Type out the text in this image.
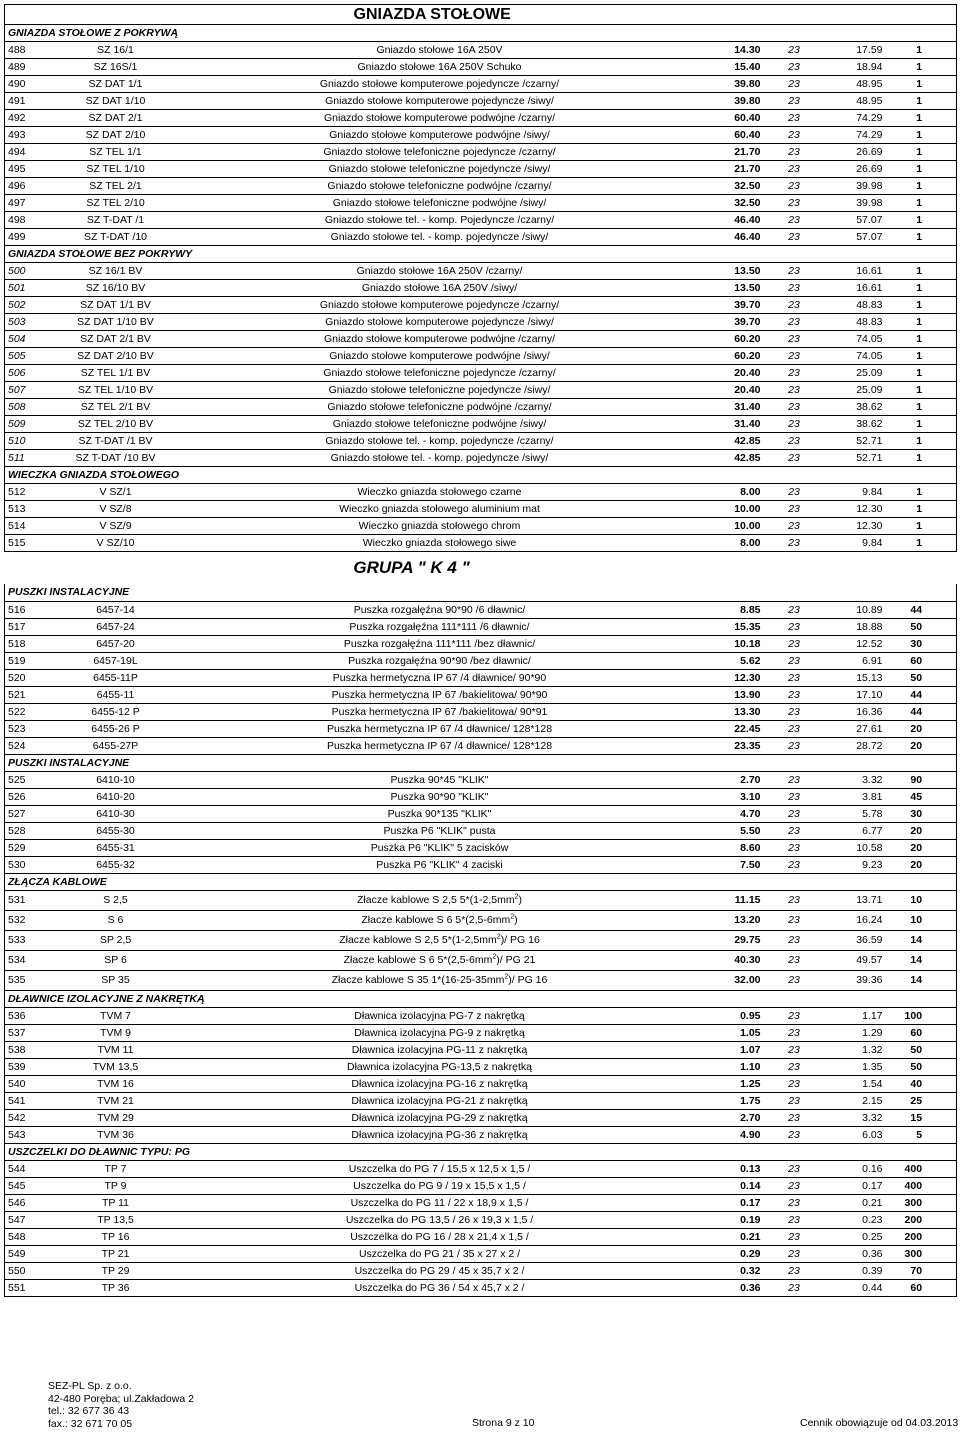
		GNIAZDA STOŁOWE				
GNIAZDA STOŁOWE Z POKRYWĄ						
488	SZ 16/1	Gniazdo stołowe 16A 250V	14.30	23	17.59	1
489	SZ 16S/1	Gniazdo stołowe 16A 250V Schuko	15.40	23	18.94	1
490	SZ DAT 1/1	Gniazdo stołowe komputerowe pojedyncze /czarny/	39.80	23	48.95	1
491	SZ DAT 1/10	Gniazdo stołowe komputerowe pojedyncze /siwy/	39.80	23	48.95	1
492	SZ DAT 2/1	Gniazdo stołowe komputerowe podwójne /czarny/	60.40	23	74.29	1
493	SZ DAT 2/10	Gniazdo stołowe komputerowe podwójne /siwy/	60.40	23	74.29	1
494	SZ TEL 1/1	Gniazdo stołowe telefoniczne pojedyncze /czarny/	21.70	23	26.69	1
495	SZ TEL 1/10	Gniazdo stołowe telefoniczne pojedyncze /siwy/	21.70	23	26.69	1
496	SZ TEL 2/1	Gniazdo stołowe telefoniczne podwójne /czarny/	32.50	23	39.98	1
497	SZ TEL 2/10	Gniazdo stołowe telefoniczne podwójne /siwy/	32.50	23	39.98	1
498	SZ T-DAT /1	Gniazdo stołowe tel. - komp. Pojedyncze /czarny/	46.40	23	57.07	1
499	SZ T-DAT /10	Gniazdo stołowe tel. - komp. pojedyncze /siwy/	46.40	23	57.07	1
GNIAZDA STOŁOWE BEZ POKRYWY						
500	SZ 16/1 BV	Gniazdo stołowe 16A 250V /czarny/	13.50	23	16.61	1
501	SZ 16/10 BV	Gniazdo stołowe 16A 250V /siwy/	13.50	23	16.61	1
502	SZ DAT 1/1 BV	Gniazdo stołowe komputerowe pojedyncze /czarny/	39.70	23	48.83	1
503	SZ DAT 1/10 BV	Gniazdo stołowe komputerowe pojedyncze /siwy/	39.70	23	48.83	1
504	SZ DAT 2/1 BV	Gniazdo stołowe komputerowe podwójne /czarny/	60.20	23	74.05	1
505	SZ DAT 2/10 BV	Gniazdo stołowe komputerowe podwójne /siwy/	60.20	23	74.05	1
506	SZ TEL 1/1 BV	Gniazdo stołowe telefoniczne pojedyncze /czarny/	20.40	23	25.09	1
507	SZ TEL 1/10 BV	Gniazdo stołowe telefoniczne pojedyncze /siwy/	20.40	23	25.09	1
508	SZ TEL 2/1 BV	Gniazdo stołowe telefoniczne podwójne /czarny/	31.40	23	38.62	1
509	SZ TEL 2/10 BV	Gniazdo stołowe telefoniczne podwójne /siwy/	31.40	23	38.62	1
510	SZ T-DAT /1 BV	Gniazdo stołowe tel. - komp. pojedyncze /czarny/	42.85	23	52.71	1
511	SZ T-DAT /10 BV	Gniazdo stołowe tel. - komp. pojedyncze /siwy/	42.85	23	52.71	1
WIECZKA GNIAZDA STOŁOWEGO						
512	V SZ/1	Wieczko gniazda stołowego czarne	8.00	23	9.84	1
513	V SZ/8	Wieczko gniazda stołowego aluminium mat	10.00	23	12.30	1
514	V SZ/9	Wieczko gniazda stołowego chrom	10.00	23	12.30	1
515	V SZ/10	Wieczko gniazda stołowego siwe	8.00	23	9.84	1
GRUPA " K 4 "						
PUSZKI INSTALACYJNE						
516	6457-14	Puszka rozgałęźna 90*90 /6 dławnic/	8.85	23	10.89	44
517	6457-24	Puszka rozgałęźna 111*111 /6 dławnic/	15.35	23	18.88	50
518	6457-20	Puszka rozgałęźna 111*111 /bez dławnic/	10.18	23	12.52	30
519	6457-19L	Puszka rozgałęźna 90*90 /bez dławnic/	5.62	23	6.91	60
520	6455-11P	Puszka hermetyczna IP 67 /4 dławnice/ 90*90	12.30	23	15.13	50
521	6455-11	Puszka hermetyczna IP 67 /bakielitowa/ 90*90	13.90	23	17.10	44
522	6455-12 P	Puszka hermetyczna IP 67 /bakielitowa/ 90*91	13.30	23	16.36	44
523	6455-26 P	Puszka hermetyczna IP 67 /4 dławnice/ 128*128	22.45	23	27.61	20
524	6455-27P	Puszka hermetyczna IP 67 /4 dławnice/ 128*128	23.35	23	28.72	20
PUSZKI INSTALACYJNE						
525	6410-10	Puszka 90*45 "KLIK"	2.70	23	3.32	90
526	6410-20	Puszka 90*90 "KLIK"	3.10	23	3.81	45
527	6410-30	Puszka 90*135 "KLIK"	4.70	23	5.78	30
528	6455-30	Puszka P6 "KLIK" pusta	5.50	23	6.77	20
529	6455-31	Puszka P6 "KLIK" 5 zacisków	8.60	23	10.58	20
530	6455-32	Puszka P6 "KLIK" 4 zaciski	7.50	23	9.23	20
ZŁĄCZA KABLOWE						
531	S 2,5	Złacze kablowe S 2,5 $5*(1-2,5mm^2)$	11.15	23	13.71	10
532	S 6	Złacze kablowe S 6 $5*(2,5-6mm^2)$	13.20	23	16.24	10
533	SP 2,5	Złacze kablowe S 2,5 $5*(1-2,5mm^2)/$ PG 16	29.75	23	36.59	14
534	SP 6	Złacze kablowe S 6 $5*(2,5-6mm^2)/$ PG 21	40.30	23	49.57	14
535	SP 35	Złacze kablowe S 35 $1*(16-25-35mm^2)/$ PG 16	32.00	23	39.36	14
DŁAWNICE IZOLACYJNE Z NAKRĘTKĄ						
536	TVM 7	Dławnica izolacyjna PG-7 z nakrętką	0.95	23	1.17	100
537	TVM 9	Dławnica izolacyjna PG-9 z nakrętką	1.05	23	1.29	60
538	TVM 11	Dławnica izolacyjna PG-11 z nakrętką	1.07	23	1.32	50
539	TVM 13,5	Dławnica izolacyjna PG-13,5 z nakrętką	1.10	23	1.35	50
540	TVM 16	Dławnica izolacyjna PG-16 z nakrętką	1.25	23	1.54	40
541	TVM 21	Dławnica izolacyjna PG-21 z nakrętką	1.75	23	2.15	25
542	TVM 29	Dławnica izolacyjna PG-29 z nakrętką	2.70	23	3.32	15
543	TVM 36	Dławnica izolacyjna PG-36 z nakrętką	4.90	23	6.03	5
USZCZELKI DO DŁAWNIC TYPU: PG						
544	TP 7	Uszczelka do PG 7 / 15,5 x 12,5 x 1,5 /	0.13	23	0.16	400
545	TP 9	Uszczelka do PG 9 / 19 x 15,5 x 1,5 /	0.14	23	0.17	400
546	TP 11	Uszczelka do PG 11 / 22 x 18,9 x 1,5 /	0.17	23	0.21	300
547	TP 13,5	Uszczelka do PG 13,5 / 26 x 19,3 x 1,5 /	0.19	23	0.23	200
548	TP 16	Uszczelka do PG 16 / 28 x 21,4 x 1,5 /	0.21	23	0.25	200
549	TP 21	Uszczelka do PG 21 / 35 x 27 x 2 /	0.29	23	0.36	300
550	TP 29	Uszczelka do PG 29 / 45 x 35,7 x 2 /	0.32	23	0.39	70
551	TP 36	Uszczelka do PG 36 / 54 x 45,7 x 2 /	0.36	23	0.44	60
SEZ-PL Sp. z o.o.
42-480 Poręba; ul.Zakładowa 2
tel.: 32 677 36 43
fax.: 32 671 70 05	Strona 9 z 10	Cennik obowiązuje od 04.03.2013
